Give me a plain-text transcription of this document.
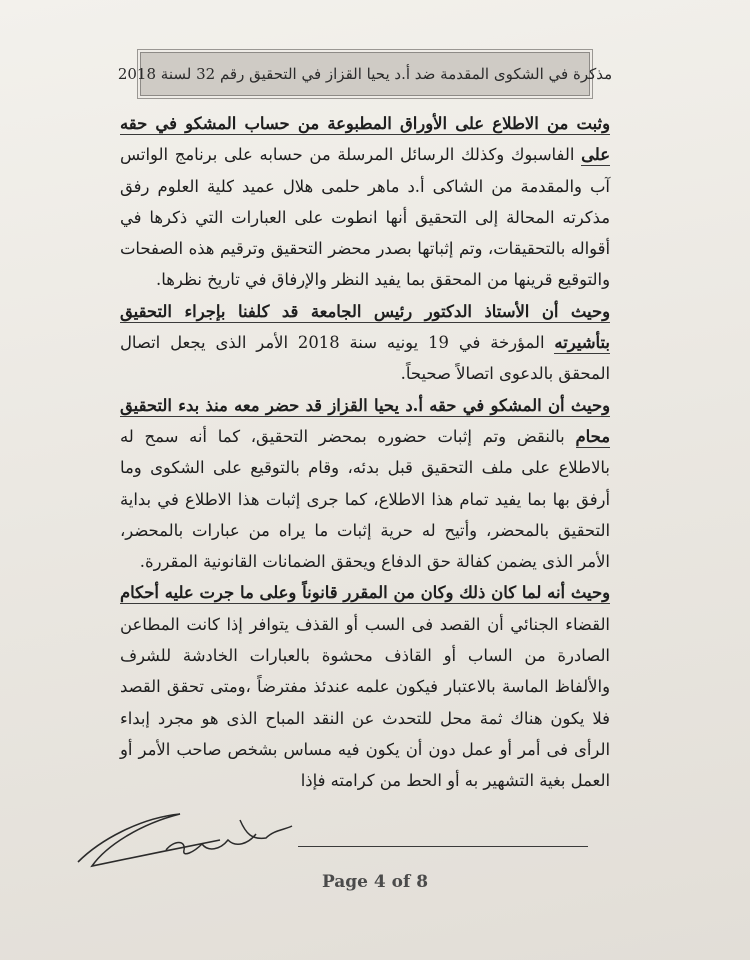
مذكرة في الشكوى المقدمة ضد أ.د يحيا القزاز في التحقيق رقم 32 لسنة 2018

وثبت من الاطلاع على الأوراق المطبوعة من حساب المشكو في حقه على الفاسبوك وكذلك الرسائل المرسلة من حسابه على برنامج الواتس آب والمقدمة من الشاكى أ.د ماهر حلمى هلال عميد كلية العلوم رفق مذكرته المحالة إلى التحقيق أنها انطوت على العبارات التي ذكرها في أقواله بالتحقيقات، وتم إثباتها بصدر محضر التحقيق وترقيم هذه الصفحات والتوقيع قرينها من المحقق بما يفيد النظر والإرفاق في تاريخ نظرها.

وحيث أن الأستاذ الدكتور رئيس الجامعة قد كلفنا بإجراء التحقيق بتأشيرته المؤرخة في 19 يونيه سنة 2018 الأمر الذى يجعل اتصال المحقق بالدعوى اتصالاً صحيحاً.

وحيث أن المشكو في حقه أ.د يحيا القزاز قد حضر معه منذ بدء التحقيق محام بالنقض وتم إثبات حضوره بمحضر التحقيق، كما أنه سمح له بالاطلاع على ملف التحقيق قبل بدئه، وقام بالتوقيع على الشكوى وما أرفق بها بما يفيد تمام هذا الاطلاع، كما جرى إثبات هذا الاطلاع في بداية التحقيق بالمحضر، وأتيح له حرية إثبات ما يراه من عبارات بالمحضر، الأمر الذى يضمن كفالة حق الدفاع ويحقق الضمانات القانونية المقررة.

وحيث أنه لما كان ذلك وكان من المقرر قانوناً وعلى ما جرت عليه أحكام القضاء الجنائي أن القصد فى السب أو القذف يتوافر إذا كانت المطاعن الصادرة من الساب أو القاذف محشوة بالعبارات الخادشة للشرف والألفاظ الماسة بالاعتبار فيكون علمه عندئذ مفترضاً ،ومتى تحقق القصد فلا يكون هناك ثمة محل للتحدث عن النقد المباح الذى هو مجرد إبداء الرأى فى أمر أو عمل دون أن يكون فيه مساس بشخص صاحب الأمر أو العمل بغية التشهير به أو الحط من كرامته فإذا

Page 4 of 8
